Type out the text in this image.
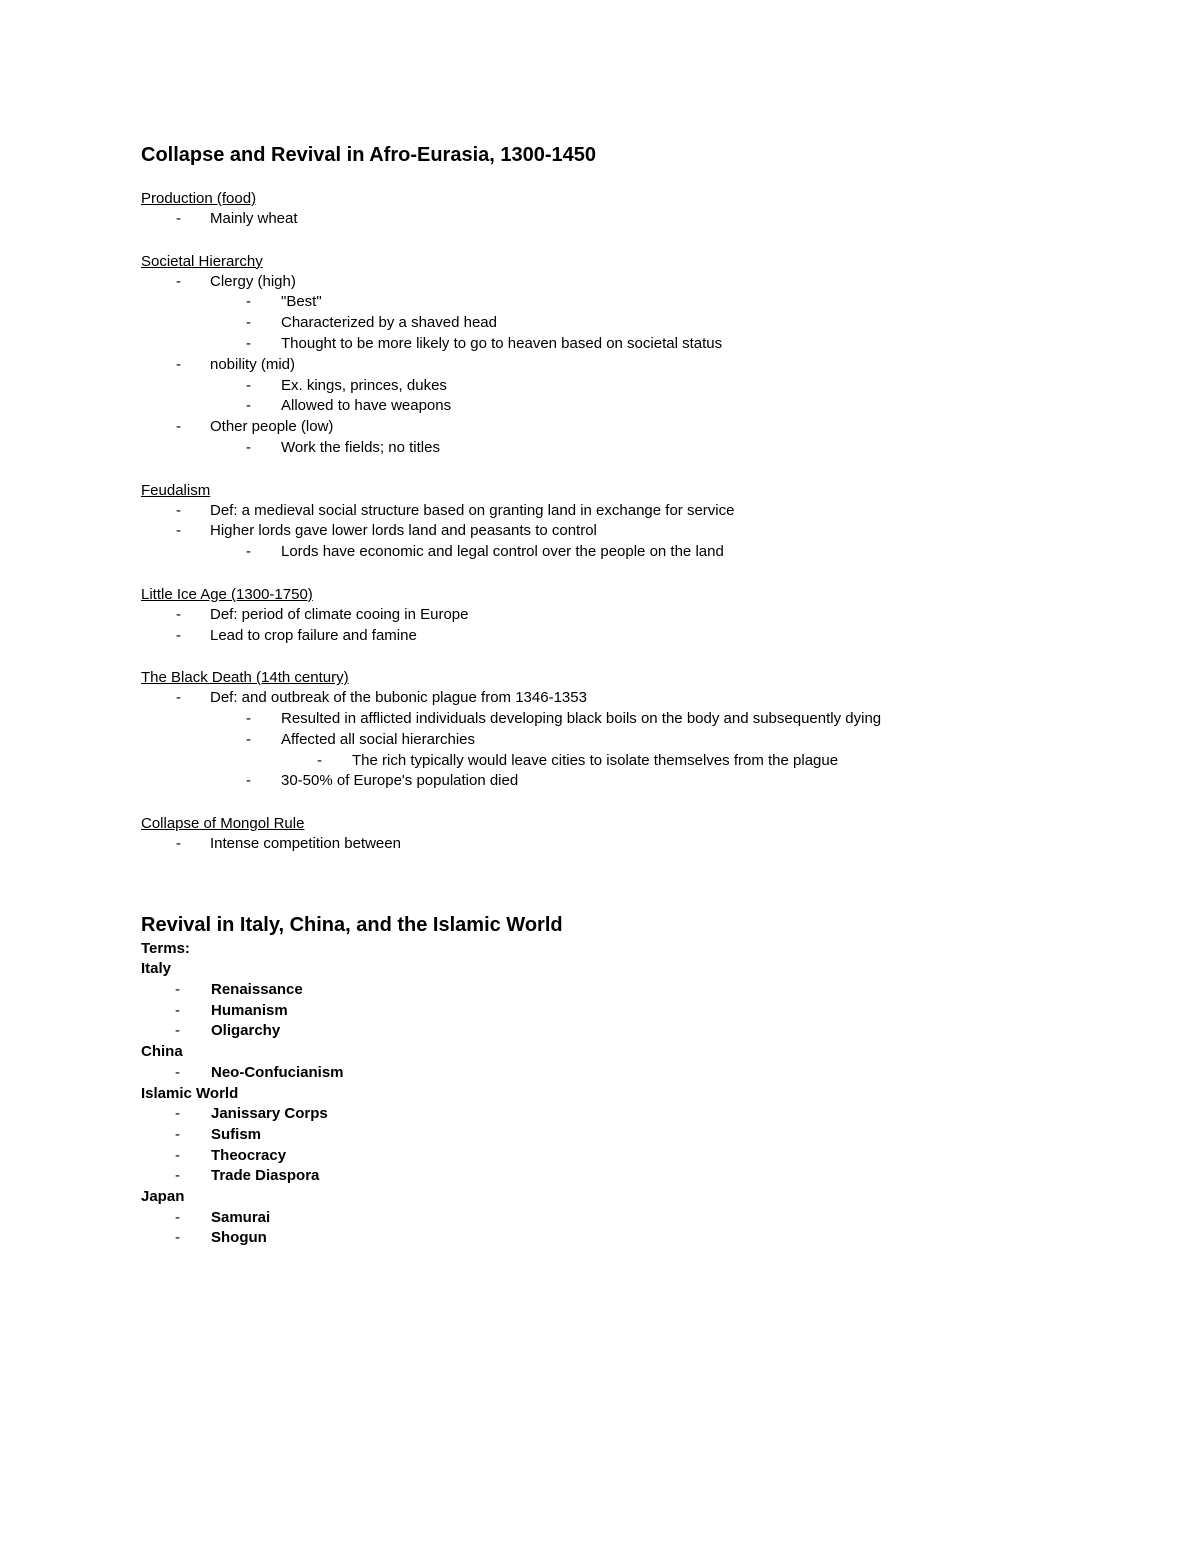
Collapse and Revival in Afro-Eurasia, 1300-1450
Production (food)
- Mainly wheat
Societal Hierarchy
- Clergy (high)
- "Best"
- Characterized by a shaved head
- Thought to be more likely to go to heaven based on societal status
- nobility (mid)
- Ex. kings, princes, dukes
- Allowed to have weapons
- Other people (low)
- Work the fields; no titles
Feudalism
- Def: a medieval social structure based on granting land in exchange for service
- Higher lords gave lower lords land and peasants to control
- Lords have economic and legal control over the people on the land
Little Ice Age (1300-1750)
- Def: period of climate cooing in Europe
- Lead to crop failure and famine
The Black Death (14th century)
- Def: and outbreak of the bubonic plague from 1346-1353
- Resulted in afflicted individuals developing black boils on the body and subsequently dying
- Affected all social hierarchies
- The rich typically would leave cities to isolate themselves from the plague
- 30-50% of Europe's population died
Collapse of Mongol Rule
- Intense competition between
Revival in Italy, China, and the Islamic World
Terms:
Italy
- Renaissance
- Humanism
- Oligarchy
China
- Neo-Confucianism
Islamic World
- Janissary Corps
- Sufism
- Theocracy
- Trade Diaspora
Japan
- Samurai
- Shogun
